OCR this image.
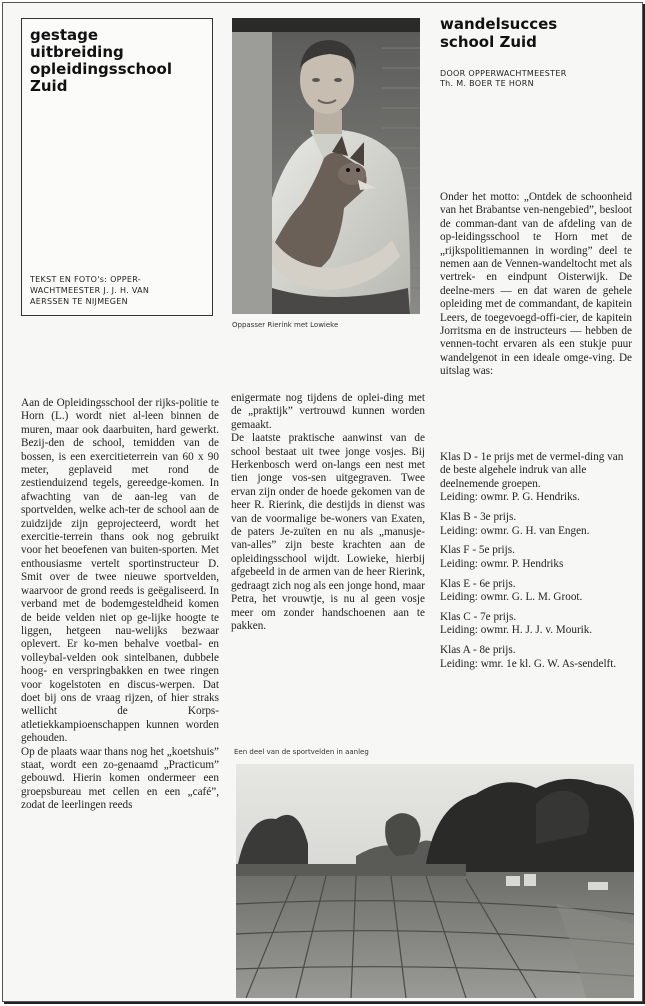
gestage
uitbreiding
opleidingsschool
Zuid
TEKST EN FOTO's: OPPER-
WACHTMEESTER J. J. H. VAN
AERSSEN TE NIJMEGEN
Oppasser Rierink met Lowieke
wandelsucces
school Zuid
DOOR OPPERWACHTMEESTER
Th. M. BOER TE HORN

Aan de Opleidingsschool der rijks-politie te Horn (L.) wordt niet al-leen binnen de muren, maar ook daarbuiten, hard gewerkt. Bezij-den de school, temidden van de bossen, is een exercitieterrein van 60 x 90 meter, geplaveid met rond de zestienduizend tegels, gereedge-komen. In afwachting van de aan-leg van de sportvelden, welke ach-ter de school aan de zuidzijde zijn geprojecteerd, wordt het exercitie-terrein thans ook nog gebruikt voor het beoefenen van buiten-sporten. Met enthousiasme vertelt sportinstructeur D. Smit over de twee nieuwe sportvelden, waarvoor de grond reeds is geëgaliseerd. In verband met de bodemgesteldheid komen de beide velden niet op ge-lijke hoogte te liggen, hetgeen nau-welijks bezwaar oplevert. Er ko-men behalve voetbal- en volleybal-velden ook sintelbanen, dubbele hoog- en verspringbakken en twee ringen voor kogelstoten en discus-werpen. Dat doet bij ons de vraag rijzen, of hier straks wellicht de Korps-atletiekkampioenschappen kunnen worden gehouden.

Op de plaats waar thans nog het „koetshuis” staat, wordt een zo-genaamd „Practicum” gebouwd. Hierin komen ondermeer een groepsbureau met cellen en een „café”, zodat de leerlingen reeds

enigermate nog tijdens de oplei-ding met de „praktijk” vertrouwd kunnen worden gemaakt.

De laatste praktische aanwinst van de school bestaat uit twee jonge vosjes. Bij Herkenbosch werd on-langs een nest met tien jonge vos-sen uitgegraven. Twee ervan zijn onder de hoede gekomen van de heer R. Rierink, die destijds in dienst was van de voormalige be-woners van Exaten, de paters Je-zuïten en nu als „manusje-van-alles” zijn beste krachten aan de opleidingsschool wijdt. Lowieke, hierbij afgebeeld in de armen van de heer Rierink, gedraagt zich nog als een jonge hond, maar Petra, het vrouwtje, is nu al geen vosje meer om zonder handschoenen aan te pakken.

Onder het motto: „Ontdek de schoonheid van het Brabantse ven-nengebied”, besloot de comman-dant van de afdeling van de op-leidingsschool te Horn met de „rijkspolitiemannen in wording” deel te nemen aan de Vennen-wandeltocht met als vertrek- en eindpunt Oisterwijk. De deelne-mers — en dat waren de gehele opleiding met de commandant, de kapitein Leers, de toegevoegd-offi-cier, de kapitein Jorritsma en de instructeurs — hebben de vennen-tocht ervaren als een stukje puur wandelgenot in een ideale omge-ving. De uitslag was:

Klas D - 1e prijs met de vermel-ding van de beste algehele indruk van alle deelnemende groepen.
Leiding: owmr. P. G. Hendriks.
Klas B - 3e prijs.
Leiding: owmr. G. H. van Engen.
Klas F - 5e prijs.
Leiding: owmr. P. Hendriks
Klas E - 6e prijs.
Leiding: owmr. G. L. M. Groot.
Klas C - 7e prijs.
Leiding: owmr. H. J. J. v. Mourik.
Klas A - 8e prijs.
Leiding: wmr. 1e kl. G. W. As-sendelft.
Een deel van de sportvelden in aanleg
